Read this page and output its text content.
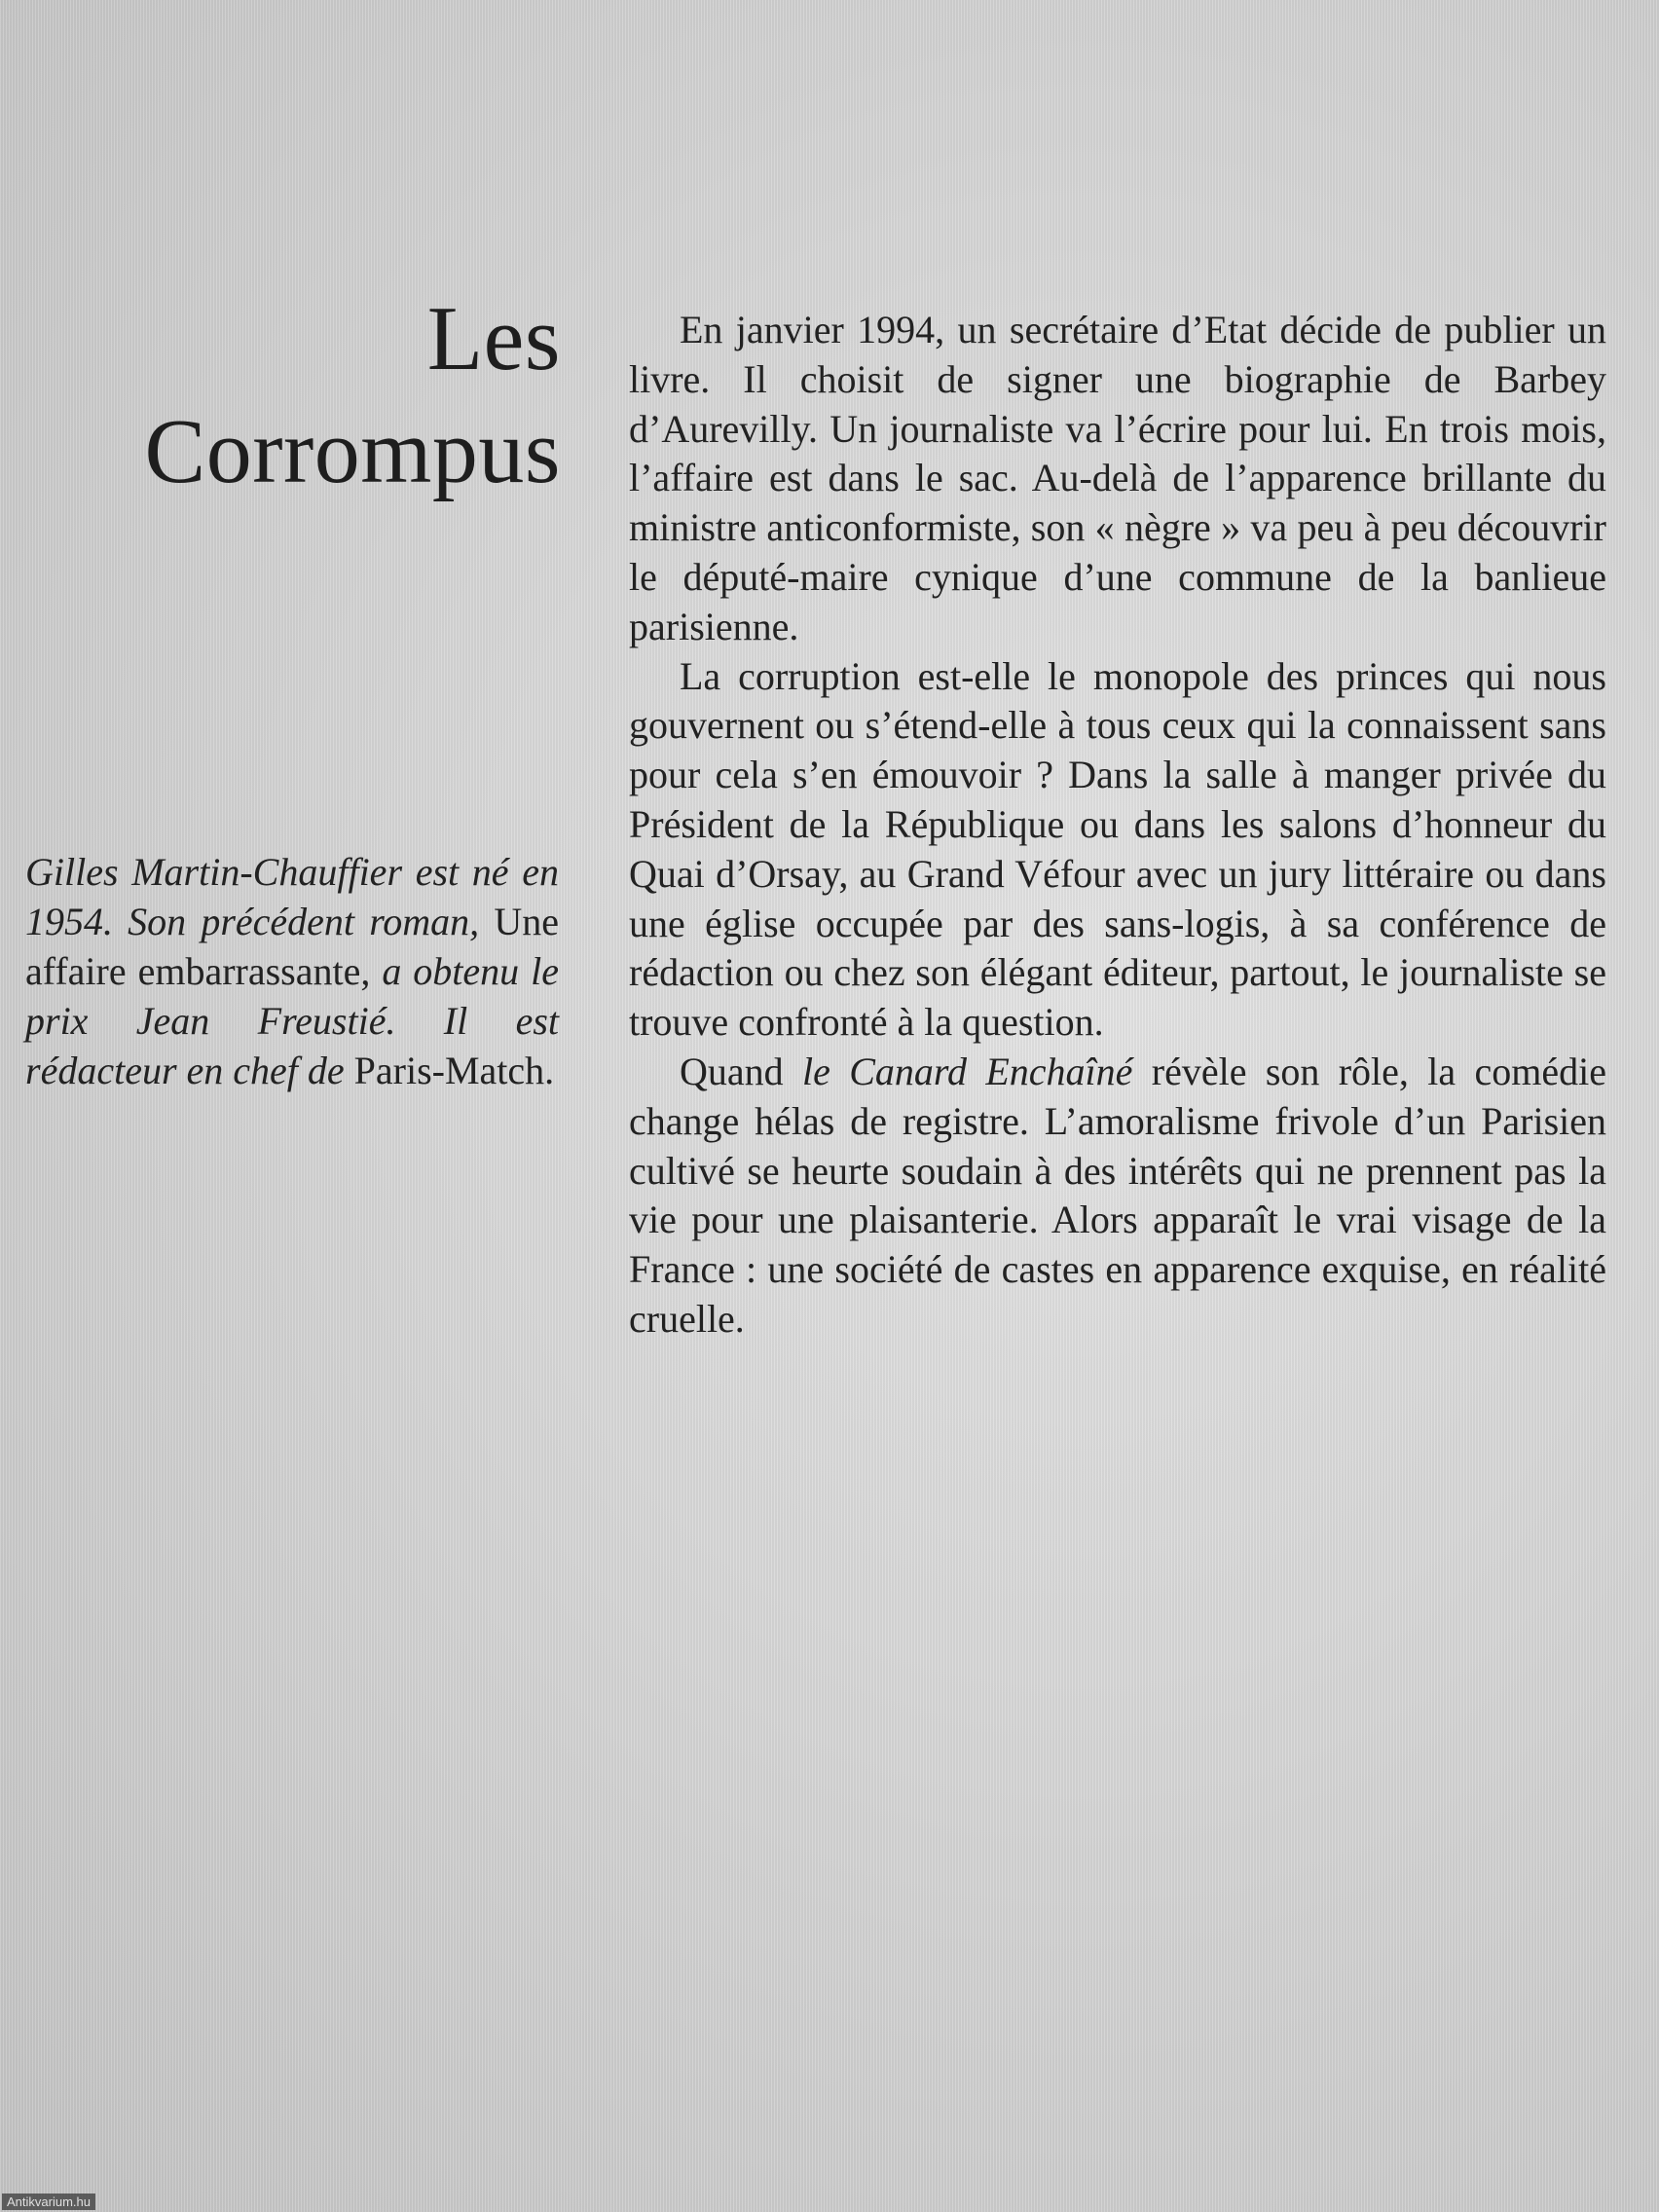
Les
Corrompus

Gilles Martin-Chauffier est né en 1954. Son précédent roman, Une affaire embarrassante, a obtenu le prix Jean Freustié. Il est rédacteur en chef de Paris-Match.

En janvier 1994, un secrétaire d’Etat décide de publier un livre. Il choisit de signer une biographie de Barbey d’Aurevilly. Un journaliste va l’écrire pour lui. En trois mois, l’affaire est dans le sac. Au-delà de l’apparence brillante du ministre anticonformiste, son « nègre » va peu à peu découvrir le député-maire cynique d’une commune de la banlieue parisienne.

La corruption est-elle le monopole des princes qui nous gouvernent ou s’étend-elle à tous ceux qui la connaissent sans pour cela s’en émouvoir ? Dans la salle à manger privée du Président de la République ou dans les salons d’honneur du Quai d’Orsay, au Grand Véfour avec un jury littéraire ou dans une église occupée par des sans-logis, à sa conférence de rédaction ou chez son élégant éditeur, partout, le journaliste se trouve confronté à la question.

Quand le Canard Enchaîné révèle son rôle, la comédie change hélas de registre. L’amoralisme frivole d’un Parisien cultivé se heurte soudain à des intérêts qui ne prennent pas la vie pour une plaisanterie. Alors apparaît le vrai visage de la France : une société de castes en apparence exquise, en réalité cruelle.

Antikvarium.hu
